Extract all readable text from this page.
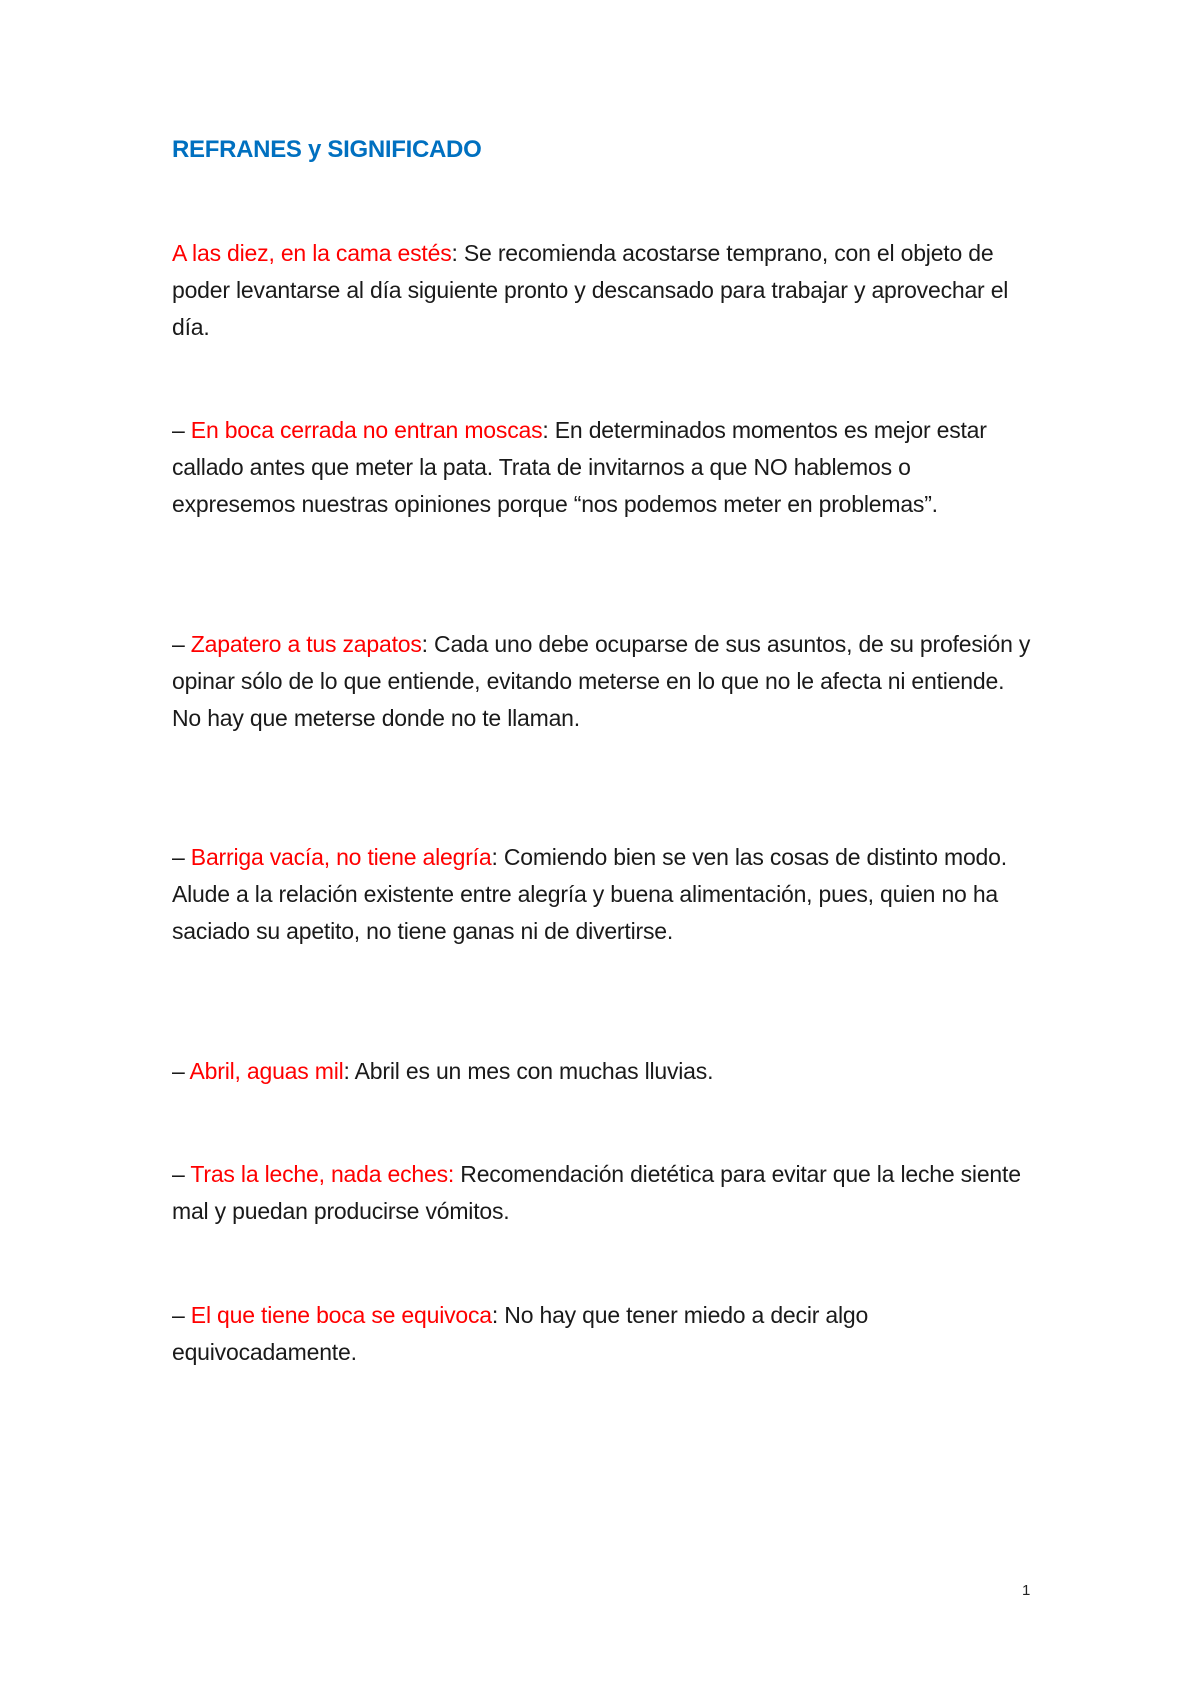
REFRANES y SIGNIFICADO

A las diez, en la cama estés: Se recomienda acostarse temprano, con el objeto de poder levantarse al día siguiente pronto y descansado para trabajar y aprovechar el día.

– En boca cerrada no entran moscas: En determinados momentos es mejor estar callado antes que meter la pata. Trata de invitarnos a que NO hablemos o expresemos nuestras opiniones porque “nos podemos meter en problemas”.

– Zapatero a tus zapatos: Cada uno debe ocuparse de sus asuntos, de su profesión y opinar sólo de lo que entiende, evitando meterse en lo que no le afecta ni entiende. No hay que meterse donde no te llaman.

– Barriga vacía, no tiene alegría: Comiendo bien se ven las cosas de distinto modo. Alude a la relación existente entre alegría y buena alimentación, pues, quien no ha saciado su apetito, no tiene ganas ni de divertirse.

– Abril, aguas mil: Abril es un mes con muchas lluvias.

– Tras la leche, nada eches: Recomendación dietética para evitar que la leche siente mal y puedan producirse vómitos.

– El que tiene boca se equivoca: No hay que tener miedo a decir algo equivocadamente.

1
